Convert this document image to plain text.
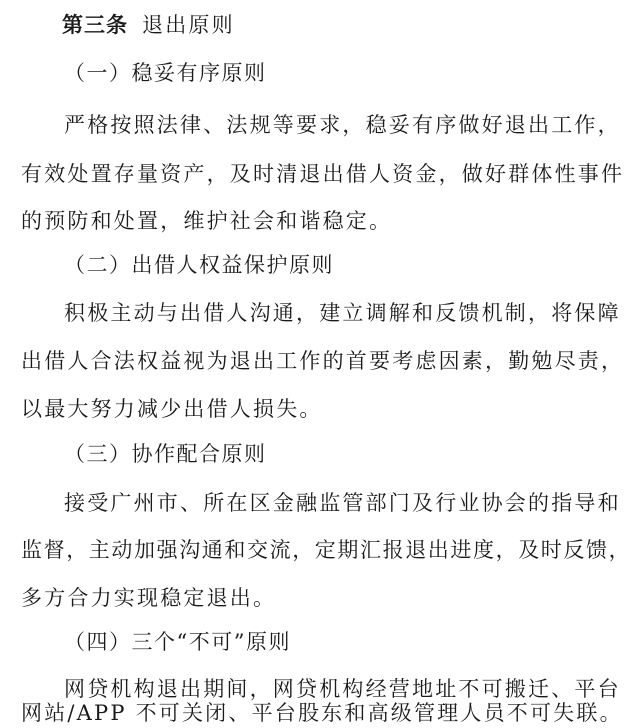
第三条 退出原则
（一）稳妥有序原则
严格按照法律、法规等要求，稳妥有序做好退出工作，
有效处置存量资产，及时清退出借人资金，做好群体性事件
的预防和处置，维护社会和谐稳定。
（二）出借人权益保护原则
积极主动与出借人沟通，建立调解和反馈机制，将保障
出借人合法权益视为退出工作的首要考虑因素，勤勉尽责，
以最大努力减少出借人损失。
（三）协作配合原则
接受广州市、所在区金融监管部门及行业协会的指导和
监督，主动加强沟通和交流，定期汇报退出进度，及时反馈，
多方合力实现稳定退出。
（四）三个“不可”原则
网贷机构退出期间，网贷机构经营地址不可搬迁、平台
网站/APP 不可关闭、平台股东和高级管理人员不可失联。
